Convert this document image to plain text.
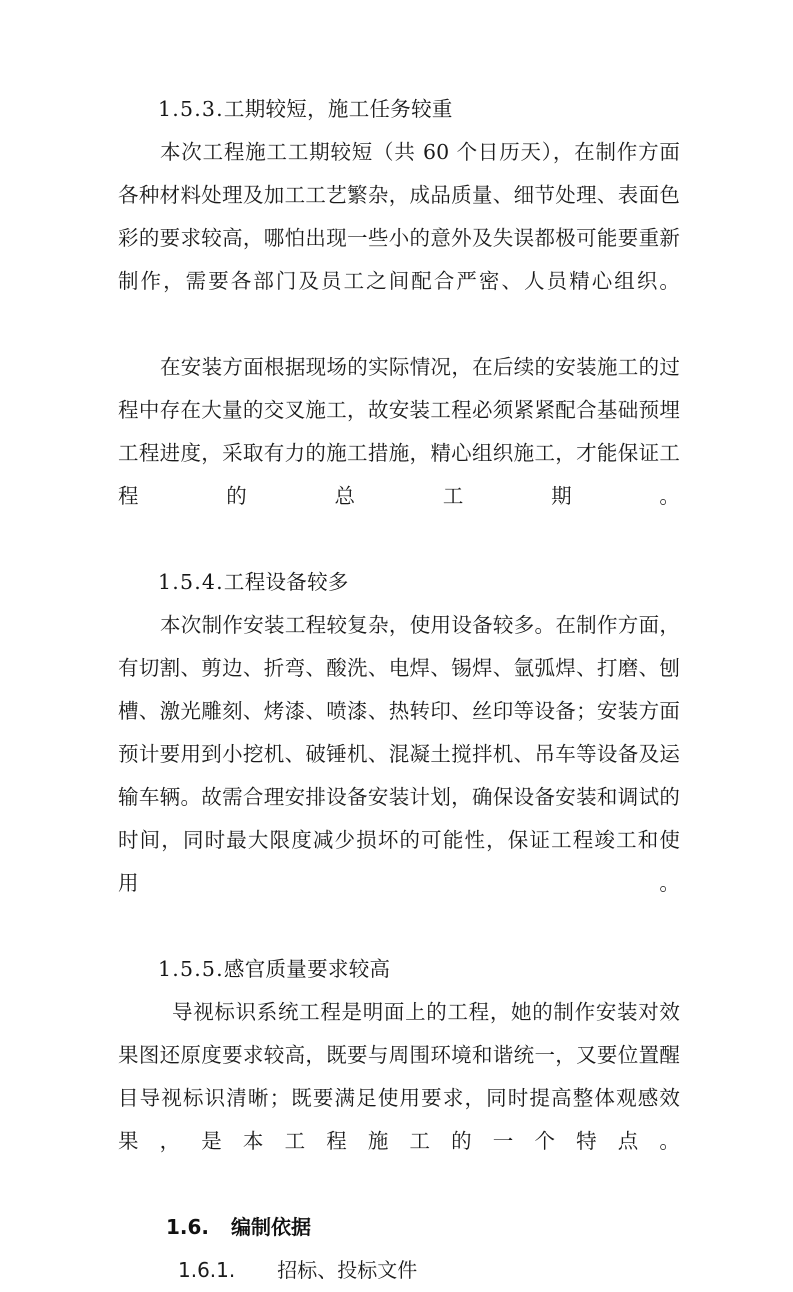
1.5.3.工期较短，施工任务较重

本次工程施工工期较短（共 60 个日历天），在制作方面各种材料处理及加工工艺繁杂，成品质量、细节处理、表面色彩的要求较高，哪怕出现一些小的意外及失误都极可能要重新制作，需要各部门及员工之间配合严密、人员精心组织。

在安装方面根据现场的实际情况，在后续的安装施工的过程中存在大量的交叉施工，故安装工程必须紧紧配合基础预埋工程进度，采取有力的施工措施，精心组织施工，才能保证工程的总工期。

1.5.4.工程设备较多

本次制作安装工程较复杂，使用设备较多。在制作方面，有切割、剪边、折弯、酸洗、电焊、锡焊、氩弧焊、打磨、刨槽、激光雕刻、烤漆、喷漆、热转印、丝印等设备；安装方面预计要用到小挖机、破锤机、混凝土搅拌机、吊车等设备及运输车辆。故需合理安排设备安装计划，确保设备安装和调试的时间，同时最大限度减少损坏的可能性，保证工程竣工和使用。

1.5.5.感官质量要求较高

导视标识系统工程是明面上的工程，她的制作安装对效果图还原度要求较高，既要与周围环境和谐统一，又要位置醒目导视标识清晰；既要满足使用要求，同时提高整体观感效果，是本工程施工的一个特点。

1.6. 编制依据
1.6.1. 招标、投标文件
